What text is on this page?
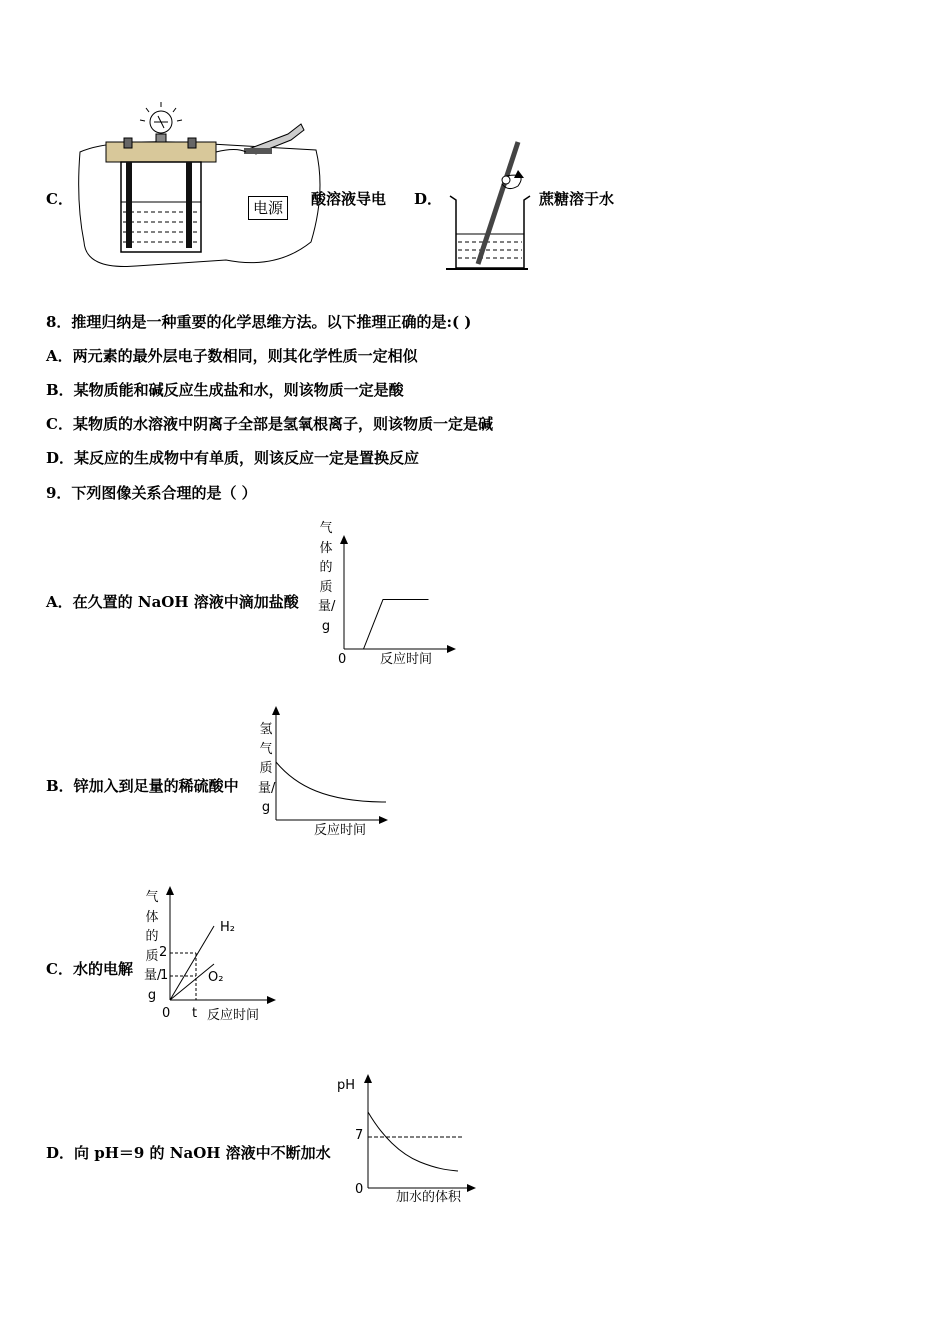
C．	电源	酸溶液导电 D．	蔗糖溶于水
8．推理归纳是一种重要的化学思维方法。以下推理正确的是:( )
A．两元素的最外层电子数相同，则其化学性质一定相似
B．某物质能和碱反应生成盐和水，则该物质一定是酸
C．某物质的水溶液中阴离子全部是氢氧根离子，则该物质一定是碱
D．某反应的生成物中有单质，则该反应一定是置换反应
9．下列图像关系合理的是（ ）
A．在久置的 NaOH 溶液中滴加盐酸
气体的质量/g
0	反应时间
B．锌加入到足量的稀硫酸中
氢气质量/g
反应时间
C．水的电解
气体的质量/g
2
1
H₂
O₂
0 t 反应时间
D．向 pH＝9 的 NaOH 溶液中不断加水
pH
7
0
加水的体积
